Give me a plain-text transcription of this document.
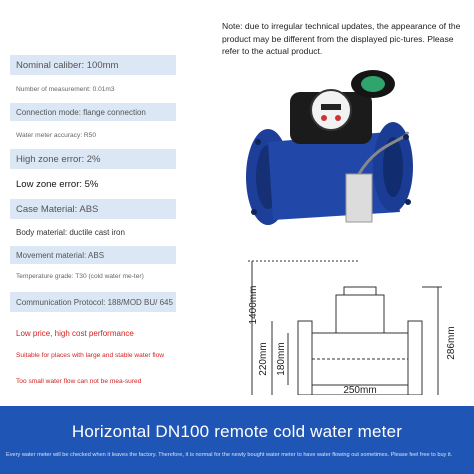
Nominal caliber: 100mm
Number of measurement: 0.01m3
Connection mode: flange connection
Water meter accuracy: R50
High zone error: 2%
Low zone error: 5%
Case Material: ABS
Body material: ductile cast iron
Movement material: ABS
Temperature grade: T30 (cold water me-ter)
Communication Protocol: 188/MOD BU/ 645
Low price, high cost performance
Suitable for places with large and stable water flow
Too small water flow can not be mea-sured
Note: due to irregular technical updates, the appearance of the product may be different from the displayed pic-tures. Please refer to the actual product.
1400mm
220mm 180mm	286mm
250mm
Horizontal DN100 remote cold water meter
Every water meter will be checked when it leaves the factory. Therefore, it is normal for the newly bought water meter to have water flowing out sometimes. Please feel free to buy it.
